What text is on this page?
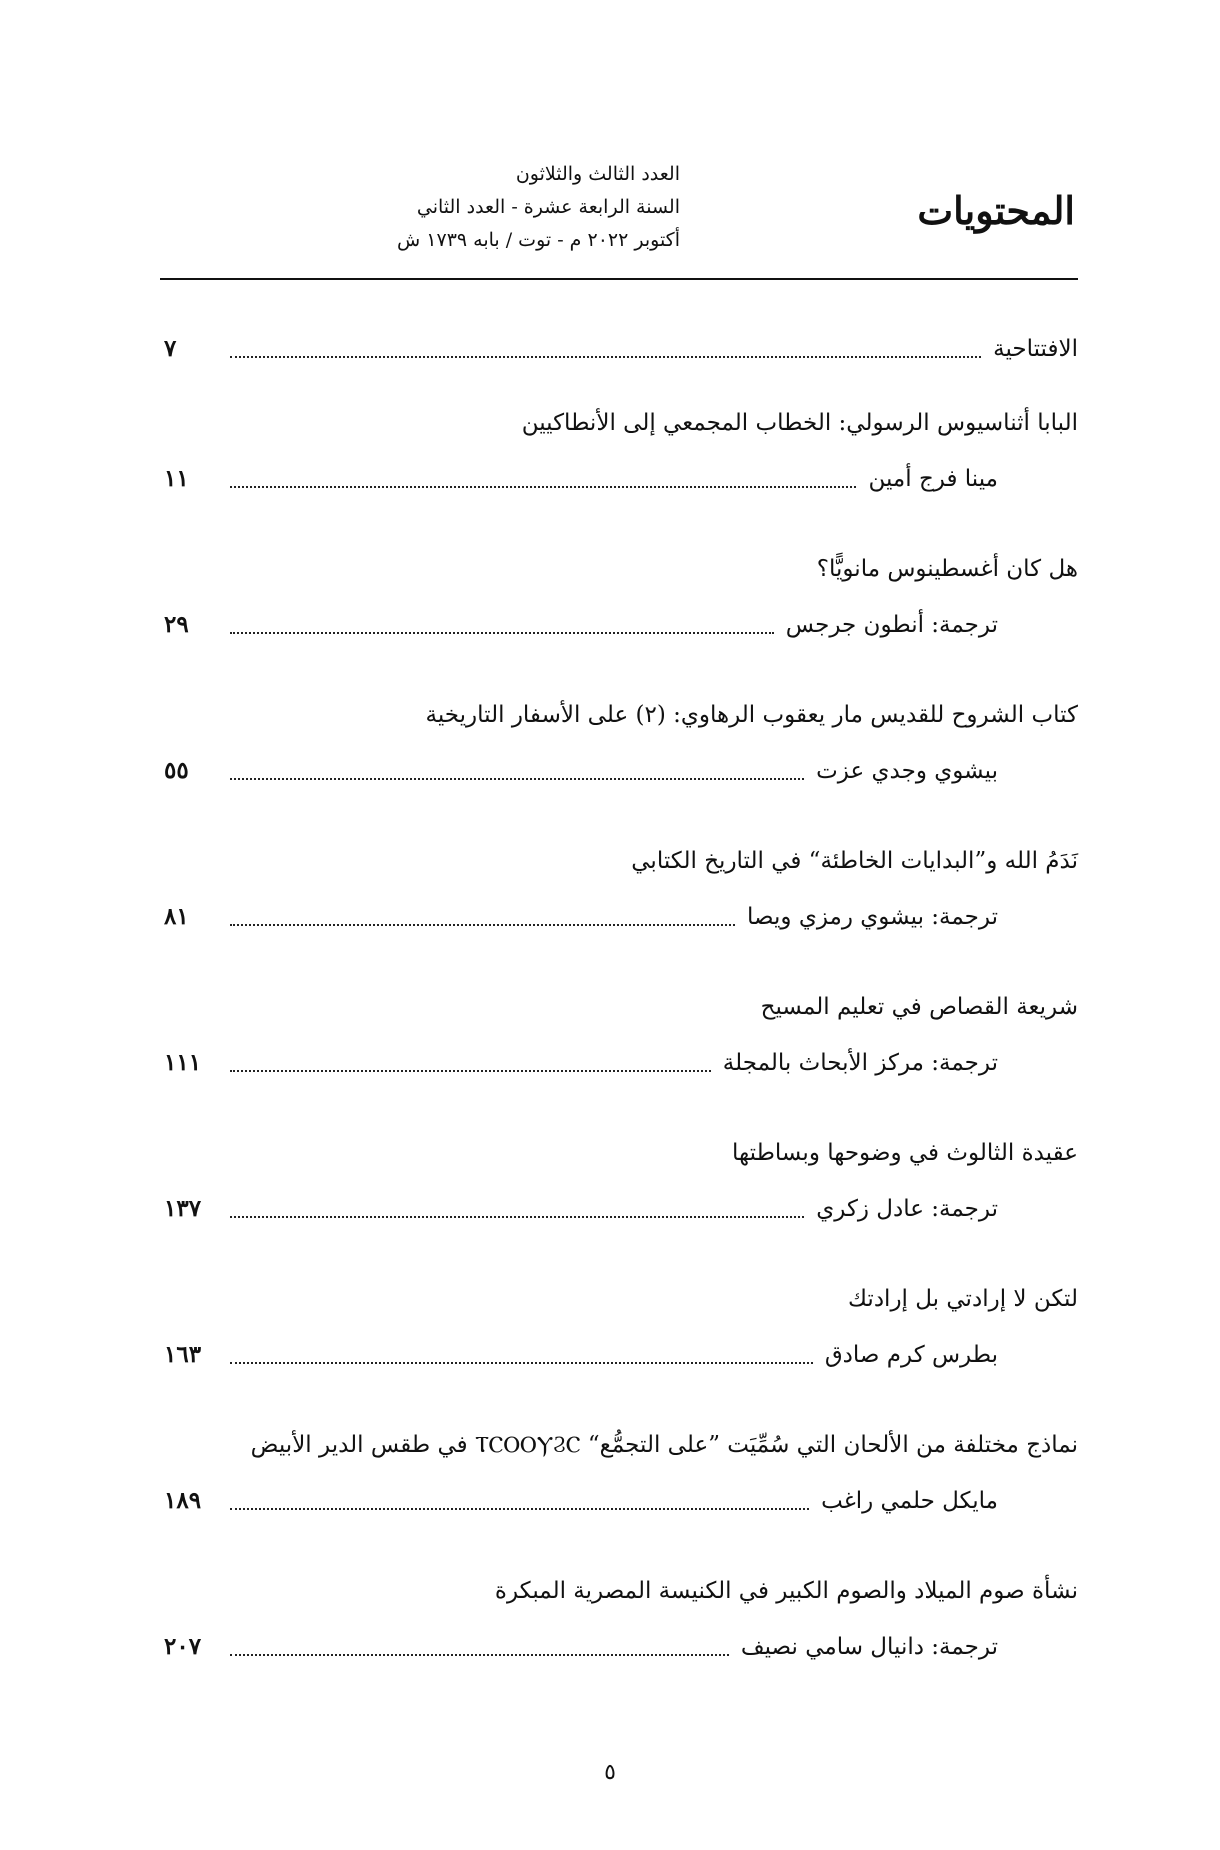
المحتويات
العدد الثالث والثلاثون
السنة الرابعة عشرة - العدد الثاني
أكتوبر ٢٠٢٢ م - توت / بابه ١٧٣٩ ش
الافتتاحية
٧
البابا أثناسيوس الرسولي: الخطاب المجمعي إلى الأنطاكيين
مينا فرج أمين
١١
هل كان أغسطينوس مانويًّا؟
ترجمة: أنطون جرجس
٢٩
كتاب الشروح للقديس مار يعقوب الرهاوي: (٢) على الأسفار التاريخية
بيشوي وجدي عزت
٥٥
نَدَمُ الله و”البدايات الخاطئة“ في التاريخ الكتابي
ترجمة: بيشوي رمزي ويصا
٨١
شريعة القصاص في تعليم المسيح
ترجمة: مركز الأبحاث بالمجلة
١١١
عقيدة الثالوث في وضوحها وبساطتها
ترجمة: عادل زكري
١٣٧
لتكن لا إرادتي بل إرادتك
بطرس كرم صادق
١٦٣
نماذج مختلفة من الألحان التي سُمِّيَت ”على التجمُّع“ ⲦⲤⲞⲞⲨϨⲤ في طقس الدير الأبيض
مايكل حلمي راغب
١٨٩
نشأة صوم الميلاد والصوم الكبير في الكنيسة المصرية المبكرة
ترجمة: دانيال سامي نصيف
٢٠٧
٥
